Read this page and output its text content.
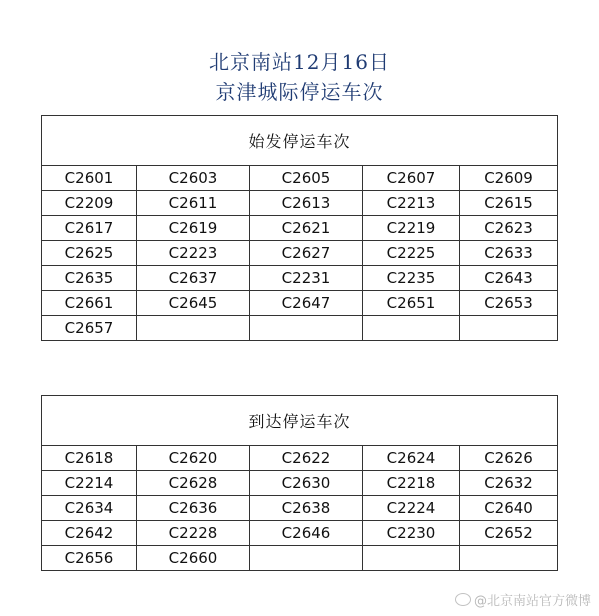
北京南站12月16日
京津城际停运车次
始发停运车次				
C2601	C2603	C2605	C2607	C2609
C2209	C2611	C2613	C2213	C2615
C2617	C2619	C2621	C2219	C2623
C2625	C2223	C2627	C2225	C2633
C2635	C2637	C2231	C2235	C2643
C2661	C2645	C2647	C2651	C2653
C2657				
到达停运车次				
C2618	C2620	C2622	C2624	C2626
C2214	C2628	C2630	C2218	C2632
C2634	C2636	C2638	C2224	C2640
C2642	C2228	C2646	C2230	C2652
C2656	C2660			
@北京南站官方微博
